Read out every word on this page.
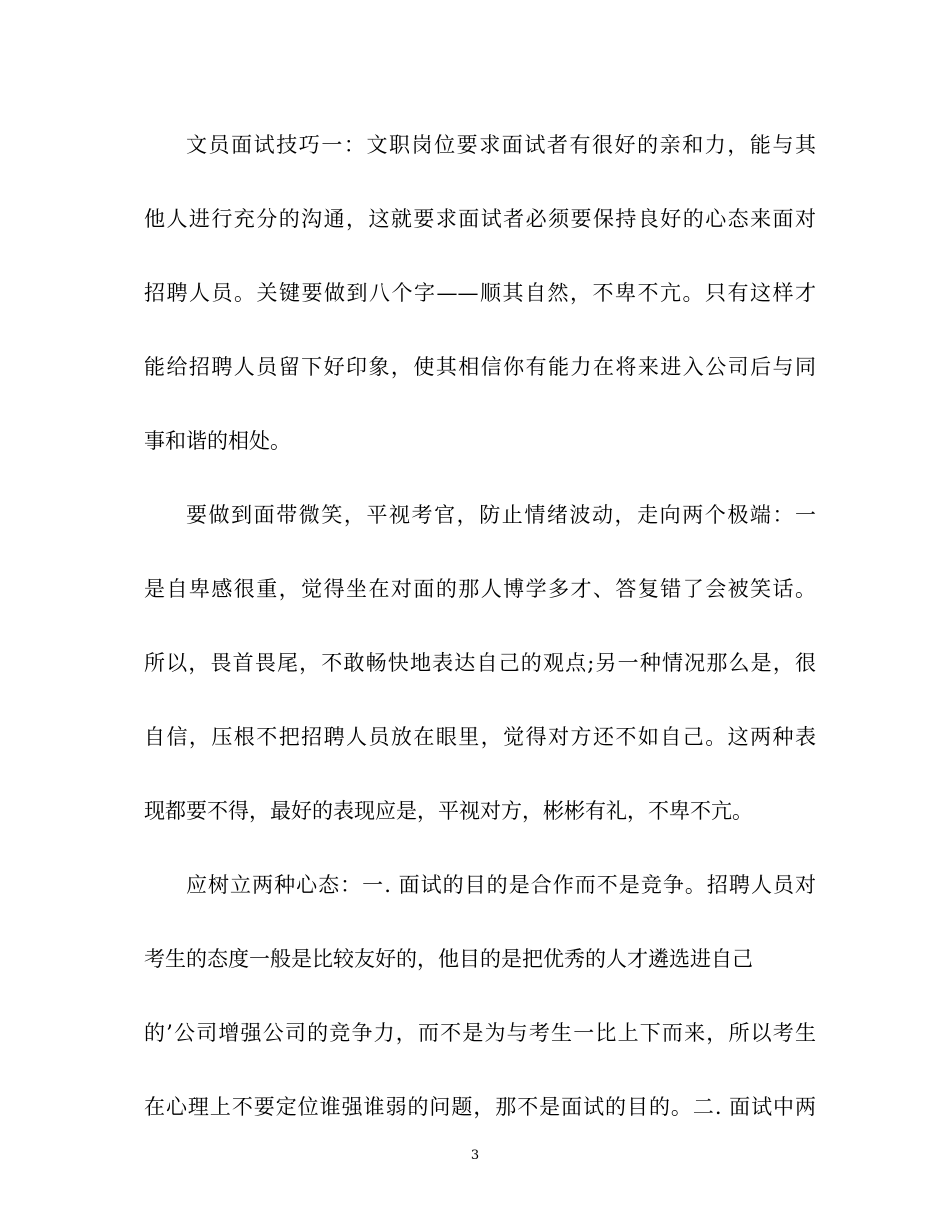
文员面试技巧一：文职岗位要求面试者有很好的亲和力，能与其
他人进行充分的沟通，这就要求面试者必须要保持良好的心态来面对
招聘人员。关键要做到八个字——顺其自然，不卑不亢。只有这样才
能给招聘人员留下好印象，使其相信你有能力在将来进入公司后与同
事和谐的相处。
要做到面带微笑，平视考官，防止情绪波动，走向两个极端：一
是自卑感很重，觉得坐在对面的那人博学多才、答复错了会被笑话。
所以，畏首畏尾，不敢畅快地表达自己的观点;另一种情况那么是，很
自信，压根不把招聘人员放在眼里，觉得对方还不如自己。这两种表
现都要不得，最好的表现应是，平视对方，彬彬有礼，不卑不亢。
应树立两种心态：一. 面试的目的是合作而不是竞争。招聘人员对
考生的态度一般是比较友好的，他目的是把优秀的人才遴选进自己
的’公司增强公司的竞争力，而不是为与考生一比上下而来，所以考生
在心理上不要定位谁强谁弱的问题，那不是面试的目的。二. 面试中两
3
